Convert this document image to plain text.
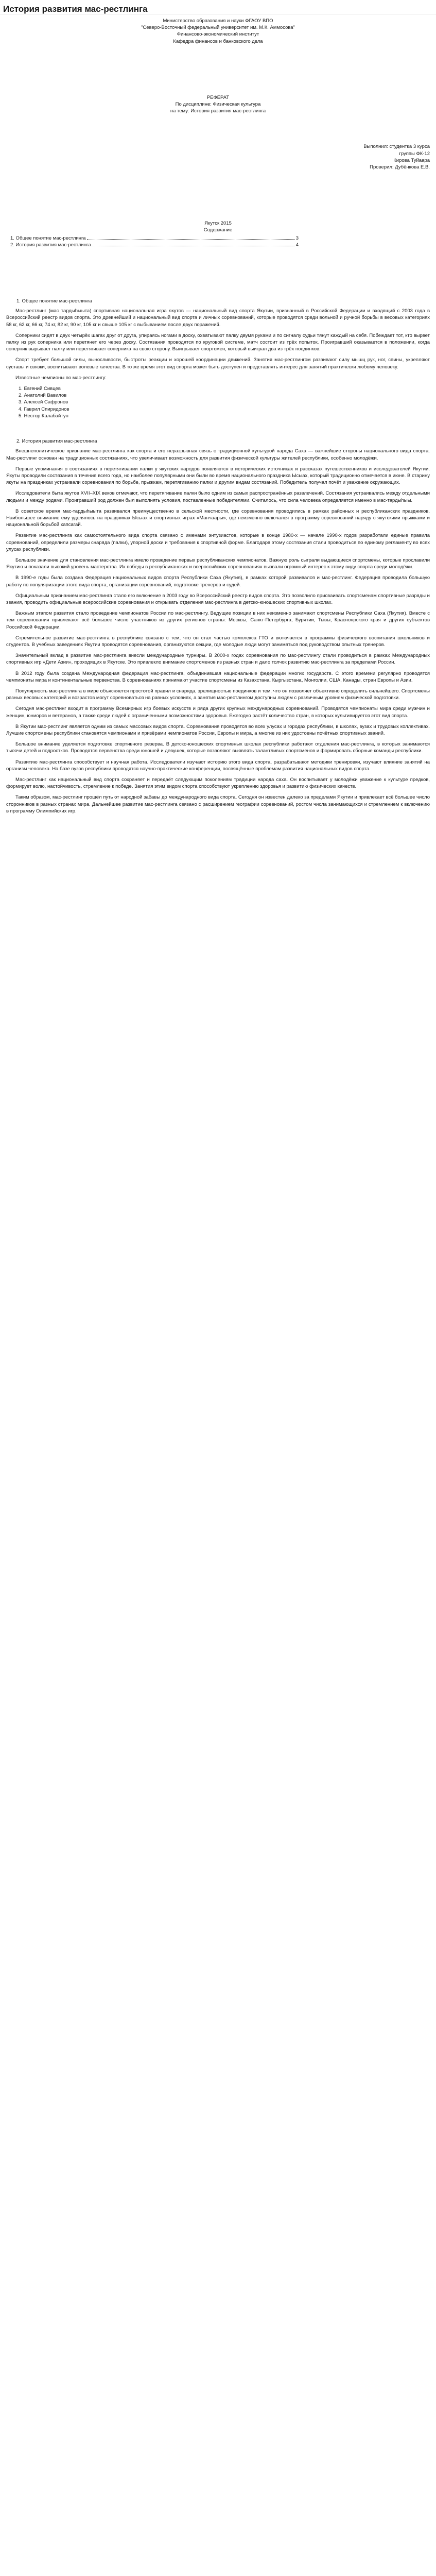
История развития мас-рестлинга

Министерство образования и науки ФГАОУ ВПО

"Северо-Восточный федеральный университет им. М.К. Аммосова"

Финансово-экономический институт

Кафедра финансов и банковского дела

РЕФЕРАТ

По дисциплине: Физическая культура

на тему: История развития мас-рестлинга

Выполнил: студентка 3 курса

группы ФК-12

Кирова Туйаара

Проверил: Дубёнкова Е.В.

Якутск 2015

Содержание

1. Общее понятие мас-рестлинга	3
2. История развития мас-рестлинга	4

1. Общее понятие мас-рестлинга

Мас-рестлинг (мас тардыһыыта) спортивная национальная игра якутов — национальный вид спорта Якутии, признанный в Российской Федерации и входящий с 2003 года в Всероссийский реестр видов спорта. Это древнейший и национальный вид спорта и личных соревнований, которые проводятся среди вольной и ручной борьбы в весовых категориях 58 кг, 62 кг, 66 кг, 74 кг, 82 кг, 90 кг, 105 кг и свыше 105 кг с выбыванием после двух поражений.

Соперники сидят в двух четырёх шагах друг от друга, упираясь ногами в доску, охватывают палку двумя руками и по сигналу судьи тянут каждый на себя. Побеждает тот, кто вырвет палку из рук соперника или перетянет его через доску. Состязания проводятся по круговой системе, матч состоит из трёх попыток. Проигравший оказывается в положении, когда соперник вырывает палку или перетягивает соперника на свою сторону. Выигрывает спортсмен, который выиграл два из трёх поединков.

Спорт требует большой силы, выносливости, быстроты реакции и хорошей координации движений. Занятия мас-рестлингом развивают силу мышц рук, ног, спины, укрепляют суставы и связки, воспитывают волевые качества. В то же время этот вид спорта может быть доступен и представлять интерес для занятий практически любому человеку.

Известные чемпионы по мас-рестлингу:

1. Евгений Сивцев
2. Анатолий Вавилов
3. Алексей Сафронов
4. Гаврил Спиридонов
5. Нестор Калабайтун

2. История развития мас-рестлинга

Внешнеполитическое признание мас-рестлинга как спорта и его неразрывная связь с традиционной культурой народа Саха — важнейшие стороны национального вида спорта. Мас-рестлинг основан на традиционных состязаниях, что увеличивает возможность для развития физической культуры жителей республики, особенно молодёжи.

Первые упоминания о состязаниях в перетягивании палки у якутских народов появляются в исторических источниках и рассказах путешественников и исследователей Якутии. Якуты проводили состязания в течение всего года, но наиболее популярными они были во время национального праздника Ысыах, который традиционно отмечается в июне. В старину якуты на праздниках устраивали соревнования по борьбе, прыжкам, перетягиванию палки и другим видам состязаний. Победитель получал почёт и уважение окружающих.

Исследователи быта якутов XVII–XIX веков отмечают, что перетягивание палки было одним из самых распространённых развлечений. Состязания устраивались между отдельными людьми и между родами. Проигравший род должен был выполнять условия, поставленные победителями. Считалось, что сила человека определяется именно в мас-тардыһыы.

В советское время мас-тардыһыыта развивался преимущественно в сельской местности, где соревнования проводились в рамках районных и республиканских праздников. Наибольшее внимание ему уделялось на праздниках Ысыах и спортивных играх «Манчаары», где неизменно включался в программу соревнований наряду с якутскими прыжками и национальной борьбой хапсагай.

Развитие мас-рестлинга как самостоятельного вида спорта связано с именами энтузиастов, которые в конце 1980-х — начале 1990-х годов разработали единые правила соревнований, определили размеры снаряда (палки), упорной доски и требования к спортивной форме. Благодаря этому состязания стали проводиться по единому регламенту во всех улусах республики.

Большое значение для становления мас-рестлинга имело проведение первых республиканских чемпионатов. Важную роль сыграли выдающиеся спортсмены, которые прославили Якутию и показали высокий уровень мастерства. Их победы в республиканских и всероссийских соревнованиях вызвали огромный интерес к этому виду спорта среди молодёжи.

В 1990-е годы была создана Федерация национальных видов спорта Республики Саха (Якутия), в рамках которой развивался и мас-рестлинг. Федерация проводила большую работу по популяризации этого вида спорта, организации соревнований, подготовке тренеров и судей.

Официальным признанием мас-рестлинга стало его включение в 2003 году во Всероссийский реестр видов спорта. Это позволило присваивать спортсменам спортивные разряды и звания, проводить официальные всероссийские соревнования и открывать отделения мас-рестлинга в детско-юношеских спортивных школах.

Важным этапом развития стало проведение чемпионатов России по мас-рестлингу. Ведущие позиции в них неизменно занимают спортсмены Республики Саха (Якутия). Вместе с тем соревнования привлекают всё большее число участников из других регионов страны: Москвы, Санкт-Петербурга, Бурятии, Тывы, Красноярского края и других субъектов Российской Федерации.

Стремительное развитие мас-рестлинга в республике связано с тем, что он стал частью комплекса ГТО и включается в программы физического воспитания школьников и студентов. В учебных заведениях Якутии проводятся соревнования, организуются секции, где молодые люди могут заниматься под руководством опытных тренеров.

Значительный вклад в развитие мас-рестлинга внесли международные турниры. В 2000-х годах соревнования по мас-рестлингу стали проводиться в рамках Международных спортивных игр «Дети Азии», проходящих в Якутске. Это привлекло внимание спортсменов из разных стран и дало толчок развитию мас-рестлинга за пределами России.

В 2012 году была создана Международная федерация мас-рестлинга, объединившая национальные федерации многих государств. С этого времени регулярно проводятся чемпионаты мира и континентальные первенства. В соревнованиях принимают участие спортсмены из Казахстана, Кыргызстана, Монголии, США, Канады, стран Европы и Азии.

Популярность мас-рестлинга в мире объясняется простотой правил и снаряда, зрелищностью поединков и тем, что он позволяет объективно определить сильнейшего. Спортсмены разных весовых категорий и возрастов могут соревноваться на равных условиях, а занятия мас-рестлингом доступны людям с различным уровнем физической подготовки.

Сегодня мас-рестлинг входит в программу Всемирных игр боевых искусств и ряда других крупных международных соревнований. Проводятся чемпионаты мира среди мужчин и женщин, юниоров и ветеранов, а также среди людей с ограниченными возможностями здоровья. Ежегодно растёт количество стран, в которых культивируется этот вид спорта.

В Якутии мас-рестлинг является одним из самых массовых видов спорта. Соревнования проводятся во всех улусах и городах республики, в школах, вузах и трудовых коллективах. Лучшие спортсмены республики становятся чемпионами и призёрами чемпионатов России, Европы и мира, а многие из них удостоены почётных спортивных званий.

Большое внимание уделяется подготовке спортивного резерва. В детско-юношеских спортивных школах республики работают отделения мас-рестлинга, в которых занимаются тысячи детей и подростков. Проводятся первенства среди юношей и девушек, которые позволяют выявлять талантливых спортсменов и формировать сборные команды республики.

Развитию мас-рестлинга способствует и научная работа. Исследователи изучают историю этого вида спорта, разрабатывают методики тренировки, изучают влияние занятий на организм человека. На базе вузов республики проводятся научно-практические конференции, посвящённые проблемам развития национальных видов спорта.

Мас-рестлинг как национальный вид спорта сохраняет и передаёт следующим поколениям традиции народа саха. Он воспитывает у молодёжи уважение к культуре предков, формирует волю, настойчивость, стремление к победе. Занятия этим видом спорта способствуют укреплению здоровья и развитию физических качеств.

Таким образом, мас-рестлинг прошёл путь от народной забавы до международного вида спорта. Сегодня он известен далеко за пределами Якутии и привлекает всё большее число сторонников в разных странах мира. Дальнейшее развитие мас-рестлинга связано с расширением географии соревнований, ростом числа занимающихся и стремлением к включению в программу Олимпийских игр.
